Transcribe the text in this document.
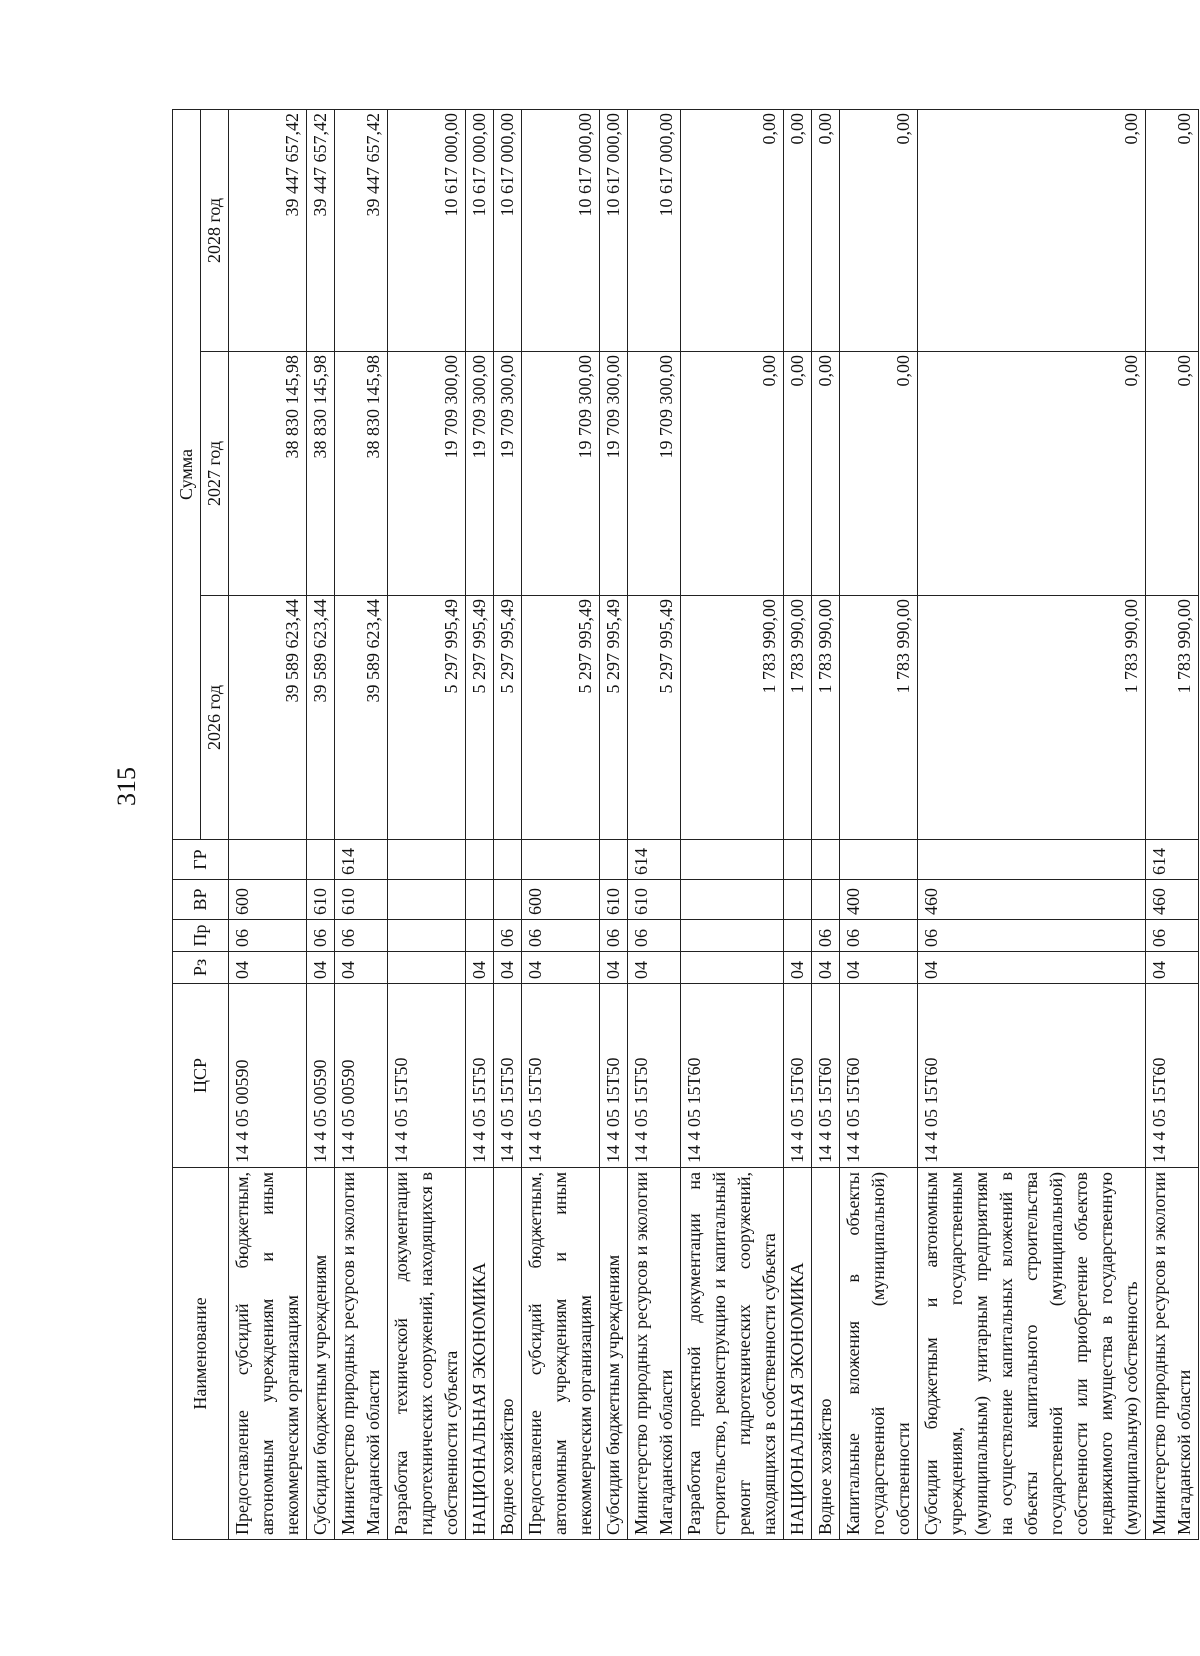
315
Наименование	ЦСР	Рз	Пр	ВР	ГР	Сумма		
						2026 год	2027 год	2028 год
Предоставление субсидий бюджетным, автономным учреждениям и иным некоммерческим организациям	14 4 05 00590	04	06	600		39 589 623,44	38 830 145,98	39 447 657,42
Субсидии бюджетным учреждениям	14 4 05 00590	04	06	610		39 589 623,44	38 830 145,98	39 447 657,42
Министерство природных ресурсов и экологии Магаданской области	14 4 05 00590	04	06	610	614	39 589 623,44	38 830 145,98	39 447 657,42
Разработка технической документации гидротехнических сооружений, находящихся в собственности субъекта	14 4 05 15Т50					5 297 995,49	19 709 300,00	10 617 000,00
НАЦИОНАЛЬНАЯ ЭКОНОМИКА	14 4 05 15Т50	04				5 297 995,49	19 709 300,00	10 617 000,00
Водное хозяйство	14 4 05 15Т50	04	06			5 297 995,49	19 709 300,00	10 617 000,00
Предоставление субсидий бюджетным, автономным учреждениям и иным некоммерческим организациям	14 4 05 15Т50	04	06	600		5 297 995,49	19 709 300,00	10 617 000,00
Субсидии бюджетным учреждениям	14 4 05 15Т50	04	06	610		5 297 995,49	19 709 300,00	10 617 000,00
Министерство природных ресурсов и экологии Магаданской области	14 4 05 15Т50	04	06	610	614	5 297 995,49	19 709 300,00	10 617 000,00
Разработка проектной документации на строительство, реконструкцию и капитальный ремонт гидротехнических сооружений, находящихся в собственности субъекта	14 4 05 15Т60					1 783 990,00	0,00	0,00
НАЦИОНАЛЬНАЯ ЭКОНОМИКА	14 4 05 15Т60	04				1 783 990,00	0,00	0,00
Водное хозяйство	14 4 05 15Т60	04	06			1 783 990,00	0,00	0,00
Капитальные вложения в объекты государственной (муниципальной) собственности	14 4 05 15Т60	04	06	400		1 783 990,00	0,00	0,00
Субсидии бюджетным и автономным учреждениям, государственным (муниципальным) унитарным предприятиям на осуществление капитальных вложений в объекты капитального строительства государственной (муниципальной) собственности или приобретение объектов недвижимого имущества в государственную (муниципальную) собственность	14 4 05 15Т60	04	06	460		1 783 990,00	0,00	0,00
Министерство природных ресурсов и экологии Магаданской области	14 4 05 15Т60	04	06	460	614	1 783 990,00	0,00	0,00
